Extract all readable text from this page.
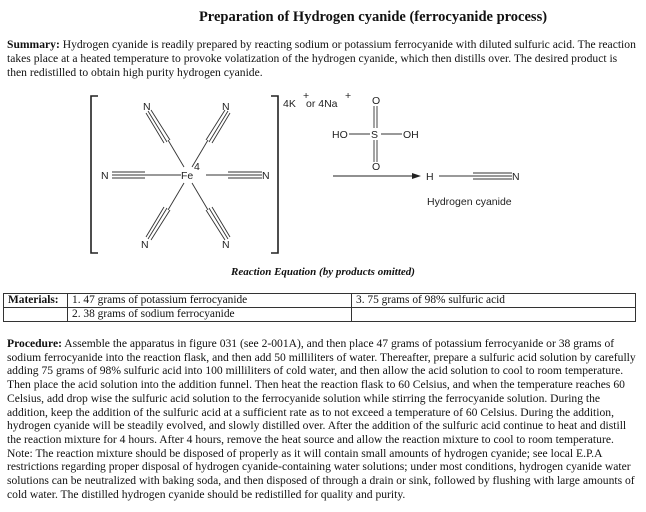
Preparation of Hydrogen cyanide (ferrocyanide process)
Summary: Hydrogen cyanide is readily prepared by reacting sodium or potassium ferrocyanide with diluted sulfuric acid. The reaction takes place at a heated temperature to provoke volatization of the hydrogen cyanide, which then distills over. The desired product is then redistilled to obtain high purity hydrogen cyanide.
Fe
4
N	N
N	N
N	N
4K
+
or 4Na
+ O
S
O
HO	OH
H	N
Hydrogen cyanide
Reaction Equation (by products omitted)
Materials:	1. 47 grams of potassium ferrocyanide	3. 75 grams of 98% sulfuric acid
	2. 38 grams of sodium ferrocyanide	
Procedure: Assemble the apparatus in figure 031 (see 2-001A), and then place 47 grams of potassium ferrocyanide or 38 grams of sodium ferrocyanide into the reaction flask, and then add 50 milliliters of water. Thereafter, prepare a sulfuric acid solution by carefully adding 75 grams of 98% sulfuric acid into 100 milliliters of cold water, and then allow the acid solution to cool to room temperature. Then place the acid solution into the addition funnel. Then heat the reaction flask to 60 Celsius, and when the temperature reaches 60 Celsius, add drop wise the sulfuric acid solution to the ferrocyanide solution while stirring the ferrocyanide solution. During the addition, keep the addition of the sulfuric acid at a sufficient rate as to not exceed a temperature of 60 Celsius. During the addition, hydrogen cyanide will be steadily evolved, and slowly distilled over. After the addition of the sulfuric acid continue to heat and distill the reaction mixture for 4 hours. After 4 hours, remove the heat source and allow the reaction mixture to cool to room temperature. Note: The reaction mixture should be disposed of properly as it will contain small amounts of hydrogen cyanide; see local E.P.A restrictions regarding proper disposal of hydrogen cyanide-containing water solutions; under most conditions, hydrogen cyanide water solutions can be neutralized with baking soda, and then disposed of through a drain or sink, followed by flushing with large amounts of cold water. The distilled hydrogen cyanide should be redistilled for quality and purity.
